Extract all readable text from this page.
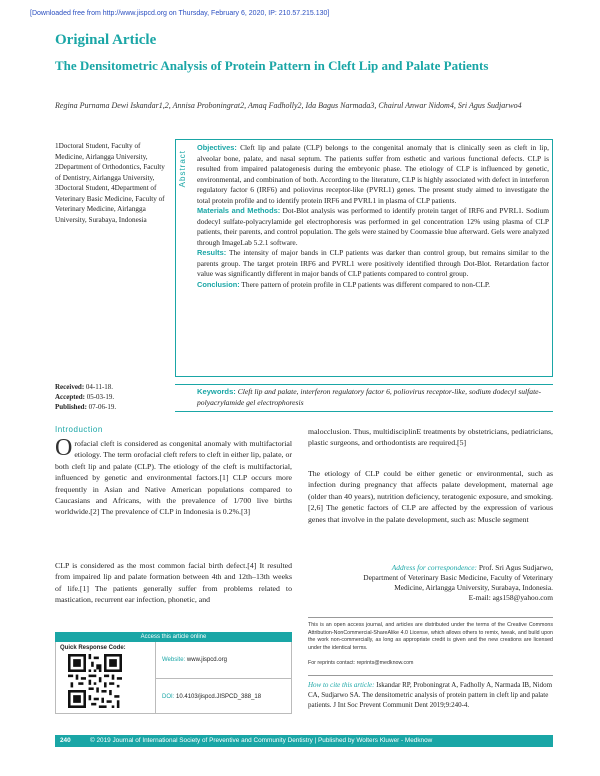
[Downloaded free from http://www.jispcd.org on Thursday, February 6, 2020, IP: 210.57.215.130]
Original Article
The Densitometric Analysis of Protein Pattern in Cleft Lip and Palate Patients
Regina Purnama Dewi Iskandar1,2, Annisa Proboningrat2, Amaq Fadholly2, Ida Bagus Narmada3, Chairul Anwar Nidom4, Sri Agus Sudjarwo4
1Doctoral Student, Faculty of Medicine, Airlangga University, 2Department of Orthodontics, Faculty of Dentistry, Airlangga University, 3Doctoral Student, 4Department of Veterinary Basic Medicine, Faculty of Veterinary Medicine, Airlangga University, Surabaya, Indonesia
Abstract
Objectives: Cleft lip and palate (CLP) belongs to the congenital anomaly that is clinically seen as cleft in lip, alveolar bone, palate, and nasal septum. The patients suffer from esthetic and various functional defects. CLP is resulted from impaired palatogenesis during the embryonic phase. The etiology of CLP is influenced by genetic, environmental, and combination of both. According to the literature, CLP is highly associated with defect in interferon regulatory factor 6 (IRF6) and poliovirus receptor-like (PVRL1) genes. The present study aimed to investigate the total protein profile and to identify protein IRF6 and PVRL1 in plasma of CLP patients.
Materials and Methods: Dot-Blot analysis was performed to identify protein target of IRF6 and PVRL1. Sodium dodecyl sulfate-polyacrylamide gel electrophoresis was performed in gel concentration 12% using plasma of CLP patients, their parents, and control population. The gels were stained by Coomassie blue afterward. Gels were analyzed through ImageLab 5.2.1 software.
Results: The intensity of major bands in CLP patients was darker than control group, but remains similar to the parents group. The target protein IRF6 and PVRL1 were positively identified through Dot-Blot. Retardation factor value was significantly different in major bands of CLP patients compared to control group.
Conclusion: There pattern of protein profile in CLP patients was different compared to non-CLP.
Received: 04-11-18.
Accepted: 05-03-19.
Published: 07-06-19.
Keywords: Cleft lip and palate, interferon regulatory factor 6, poliovirus receptor-like, sodium dodecyl sulfate-polyacrylamide gel electrophoresis
Introduction
Orofacial cleft is considered as congenital anomaly with multifactorial etiology. The term orofacial cleft refers to cleft in either lip, palate, or both cleft lip and palate (CLP). The etiology of the cleft is multifactorial, influenced by genetic and environmental factors.[1] CLP occurs more frequently in Asian and Native American populations compared to Caucasians and Africans, with the prevalence of 1/700 live births worldwide.[2] The prevalence of CLP in Indonesia is 0.2%.[3]
CLP is considered as the most common facial birth defect.[4] It resulted from impaired lip and palate formation between 4th and 12th–13th weeks of life.[1] The patients generally suffer from problems related to mastication, recurrent ear infection, phonetic, and
malocclusion. Thus, multidisciplinE treatments by obstetricians, pediatricians, plastic surgeons, and orthodontists are required.[5]
The etiology of CLP could be either genetic or environmental, such as infection during pregnancy that affects palate development, maternal age (older than 40 years), nutrition deficiency, teratogenic exposure, and smoking.[2,6] The genetic factors of CLP are affected by the expression of various genes that involve in the palate development, such as: Muscle segment
Address for correspondence: Prof. Sri Agus Sudjarwo,
Department of Veterinary Basic Medicine, Faculty of Veterinary
Medicine, Airlangga University, Surabaya, Indonesia.
E-mail: ags158@yahoo.com
This is an open access journal, and articles are distributed under the terms of the Creative Commons Attribution-NonCommercial-ShareAlike 4.0 License, which allows others to remix, tweak, and build upon the work non-commercially, as long as appropriate credit is given and the new creations are licensed under the identical terms.
For reprints contact: reprints@medknow.com
How to cite this article: Iskandar RP, Proboningrat A, Fadholly A, Narmada IB, Nidom CA, Sudjarwo SA. The densitometric analysis of protein pattern in cleft lip and palate patients. J Int Soc Prevent Communit Dent 2019;9:240-4.
Access this article online
Quick Response Code:
Website: www.jispcd.org
DOI: 10.4103/jispcd.JISPCD_388_18
240	© 2019 Journal of International Society of Preventive and Community Dentistry | Published by Wolters Kluwer - Medknow
